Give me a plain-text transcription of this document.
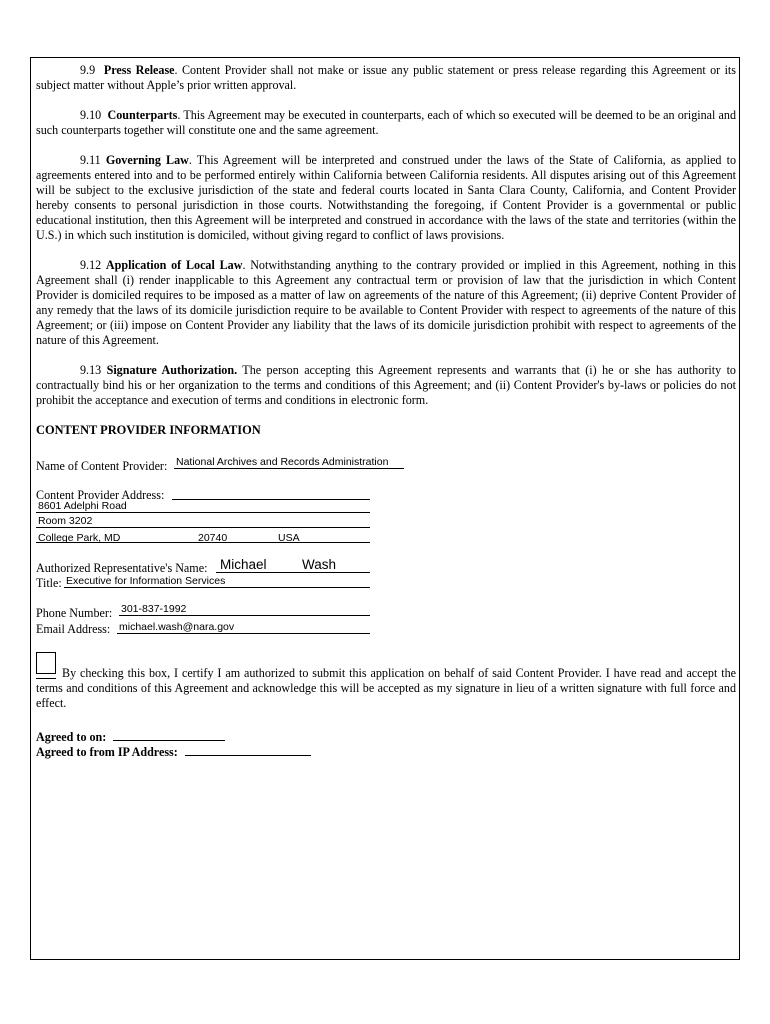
9.9 Press Release. Content Provider shall not make or issue any public statement or press release regarding this Agreement or its subject matter without Apple’s prior written approval.

9.10 Counterparts. This Agreement may be executed in counterparts, each of which so executed will be deemed to be an original and such counterparts together will constitute one and the same agreement.

9.11 Governing Law. This Agreement will be interpreted and construed under the laws of the State of California, as applied to agreements entered into and to be performed entirely within California between California residents. All disputes arising out of this Agreement will be subject to the exclusive jurisdiction of the state and federal courts located in Santa Clara County, California, and Content Provider hereby consents to personal jurisdiction in those courts. Notwithstanding the foregoing, if Content Provider is a governmental or public educational institution, then this Agreement will be interpreted and construed in accordance with the laws of the state and territories (within the U.S.) in which such institution is domiciled, without giving regard to conflict of laws provisions.

9.12 Application of Local Law. Notwithstanding anything to the contrary provided or implied in this Agreement, nothing in this Agreement shall (i) render inapplicable to this Agreement any contractual term or provision of law that the jurisdiction in which Content Provider is domiciled requires to be imposed as a matter of law on agreements of the nature of this Agreement; (ii) deprive Content Provider of any remedy that the laws of its domicile jurisdiction require to be available to Content Provider with respect to agreements of the nature of this Agreement; or (iii) impose on Content Provider any liability that the laws of its domicile jurisdiction prohibit with respect to agreements of the nature of this Agreement.

9.13 Signature Authorization. The person accepting this Agreement represents and warrants that (i) he or she has authority to contractually bind his or her organization to the terms and conditions of this Agreement; and (ii) Content Provider's by-laws or policies do not prohibit the acceptance and execution of terms and conditions in electronic form.

CONTENT PROVIDER INFORMATION
Name of Content Provider: National Archives and Records Administration
Content Provider Address:
8601 Adelphi Road
Room 3202
College Park, MD	20740	USA
Authorized Representative's Name: Michael	Wash
Title: Executive for Information Services
Phone Number: 301-837-1992
Email Address: michael.wash@nara.gov

By checking this box, I certify I am authorized to submit this application on behalf of said Content Provider. I have read and accept the terms and conditions of this Agreement and acknowledge this will be accepted as my signature in lieu of a written signature with full force and effect.

Agreed to on:
Agreed to from IP Address:
